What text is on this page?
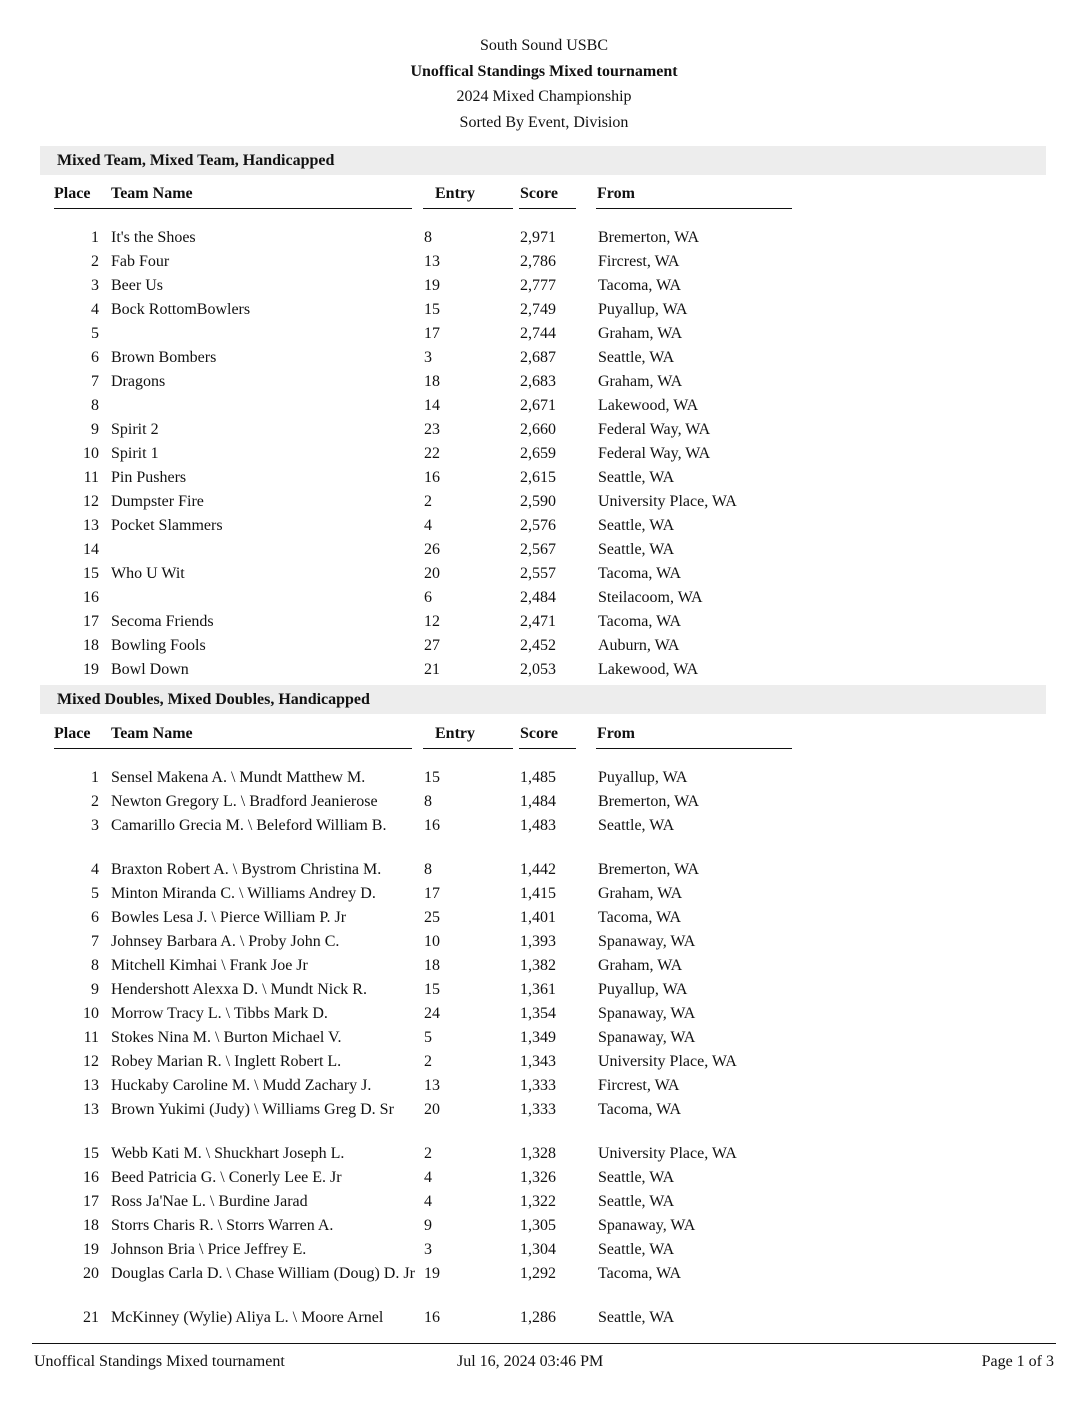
South Sound USBC
Unoffical Standings Mixed tournament
2024 Mixed Championship
Sorted By Event, Division
Mixed Team, Mixed Team, Handicapped
Place Team Name	Entry	Score From
1 It's the Shoes	8	2,971	Bremerton, WA
2 Fab Four	13	2,786	Fircrest, WA
3 Beer Us	19	2,777	Tacoma, WA
4 Bock RottomBowlers	15	2,749	Puyallup, WA
5	17	2,744	Graham, WA
6 Brown Bombers	3	2,687	Seattle, WA
7 Dragons	18	2,683	Graham, WA
8	14	2,671	Lakewood, WA
9 Spirit 2	23	2,660	Federal Way, WA
10 Spirit 1	22	2,659	Federal Way, WA
11 Pin Pushers	16	2,615	Seattle, WA
12 Dumpster Fire	2	2,590	University Place, WA
13 Pocket Slammers	4	2,576	Seattle, WA
14	26	2,567	Seattle, WA
15 Who U Wit	20	2,557	Tacoma, WA
16	6	2,484	Steilacoom, WA
17 Secoma Friends	12	2,471	Tacoma, WA
18 Bowling Fools	27	2,452	Auburn, WA
19 Bowl Down	21	2,053	Lakewood, WA
Mixed Doubles, Mixed Doubles, Handicapped
Place Team Name	Entry	Score From
1 Sensel Makena A. \ Mundt Matthew M.	15	1,485	Puyallup, WA
2 Newton Gregory L. \ Bradford Jeanierose	8	1,484	Bremerton, WA
3 Camarillo Grecia M. \ Beleford William B.	16	1,483	Seattle, WA
4 Braxton Robert A. \ Bystrom Christina M.	8	1,442	Bremerton, WA
5 Minton Miranda C. \ Williams Andrey D.	17	1,415	Graham, WA
6 Bowles Lesa J. \ Pierce William P. Jr	25	1,401	Tacoma, WA
7 Johnsey Barbara A. \ Proby John C.	10	1,393	Spanaway, WA
8 Mitchell Kimhai \ Frank Joe Jr	18	1,382	Graham, WA
9 Hendershott Alexxa D. \ Mundt Nick R.	15	1,361	Puyallup, WA
10 Morrow Tracy L. \ Tibbs Mark D.	24	1,354	Spanaway, WA
11 Stokes Nina M. \ Burton Michael V.	5	1,349	Spanaway, WA
12 Robey Marian R. \ Inglett Robert L.	2	1,343	University Place, WA
13 Huckaby Caroline M. \ Mudd Zachary J.	13	1,333	Fircrest, WA
13 Brown Yukimi (Judy) \ Williams Greg D. Sr	20	1,333	Tacoma, WA
15 Webb Kati M. \ Shuckhart Joseph L.	2	1,328	University Place, WA
16 Beed Patricia G. \ Conerly Lee E. Jr	4	1,326	Seattle, WA
17 Ross Ja'Nae L. \ Burdine Jarad	4	1,322	Seattle, WA
18 Storrs Charis R. \ Storrs Warren A.	9	1,305	Spanaway, WA
19 Johnson Bria \ Price Jeffrey E.	3	1,304	Seattle, WA
20 Douglas Carla D. \ Chase William (Doug) D. Jr 19	1,292	Tacoma, WA
21 McKinney (Wylie) Aliya L. \ Moore Arnel	16	1,286	Seattle, WA
Unoffical Standings Mixed tournament	Jul 16, 2024 03:46 PM	Page 1 of 3
